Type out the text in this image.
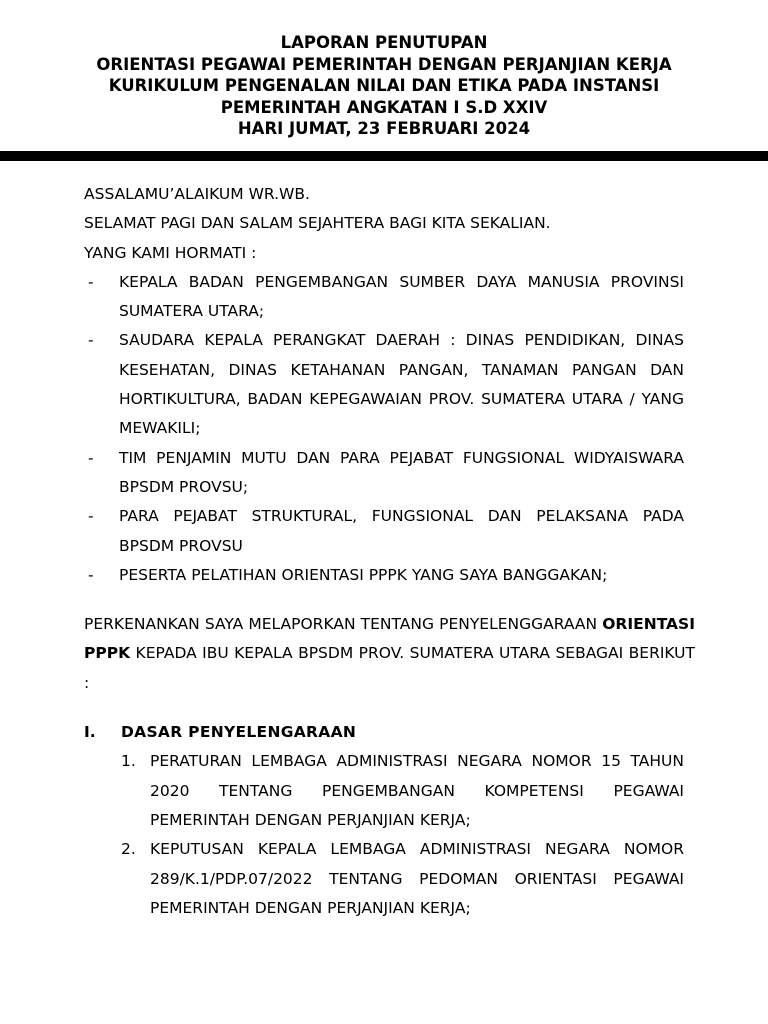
LAPORAN PENUTUPAN
ORIENTASI PEGAWAI PEMERINTAH DENGAN PERJANJIAN KERJA
KURIKULUM PENGENALAN NILAI DAN ETIKA PADA INSTANSI
PEMERINTAH ANGKATAN I S.D XXIV
HARI JUMAT, 23 FEBRUARI 2024
ASSALAMU’ALAIKUM WR.WB.
SELAMAT PAGI DAN SALAM SEJAHTERA BAGI KITA SEKALIAN.
YANG KAMI HORMATI :
- KEPALA BADAN PENGEMBANGAN SUMBER DAYA MANUSIA PROVINSI SUMATERA UTARA;
- SAUDARA KEPALA PERANGKAT DAERAH : DINAS PENDIDIKAN, DINAS KESEHATAN, DINAS KETAHANAN PANGAN, TANAMAN PANGAN DAN HORTIKULTURA, BADAN KEPEGAWAIAN PROV. SUMATERA UTARA / YANG MEWAKILI;
- TIM PENJAMIN MUTU DAN PARA PEJABAT FUNGSIONAL WIDYAISWARA BPSDM PROVSU;
- PARA PEJABAT STRUKTURAL, FUNGSIONAL DAN PELAKSANA PADA BPSDM PROVSU
- PESERTA PELATIHAN ORIENTASI PPPK YANG SAYA BANGGAKAN;
PERKENANKAN SAYA MELAPORKAN TENTANG PENYELENGGARAAN ORIENTASI PPPK KEPADA IBU KEPALA BPSDM PROV. SUMATERA UTARA SEBAGAI BERIKUT :
I. DASAR PENYELENGARAAN
1. PERATURAN LEMBAGA ADMINISTRASI NEGARA NOMOR 15 TAHUN 2020 TENTANG PENGEMBANGAN KOMPETENSI PEGAWAI PEMERINTAH DENGAN PERJANJIAN KERJA;
2. KEPUTUSAN KEPALA LEMBAGA ADMINISTRASI NEGARA NOMOR 289/K.1/PDP.07/2022 TENTANG PEDOMAN ORIENTASI PEGAWAI PEMERINTAH DENGAN PERJANJIAN KERJA;
